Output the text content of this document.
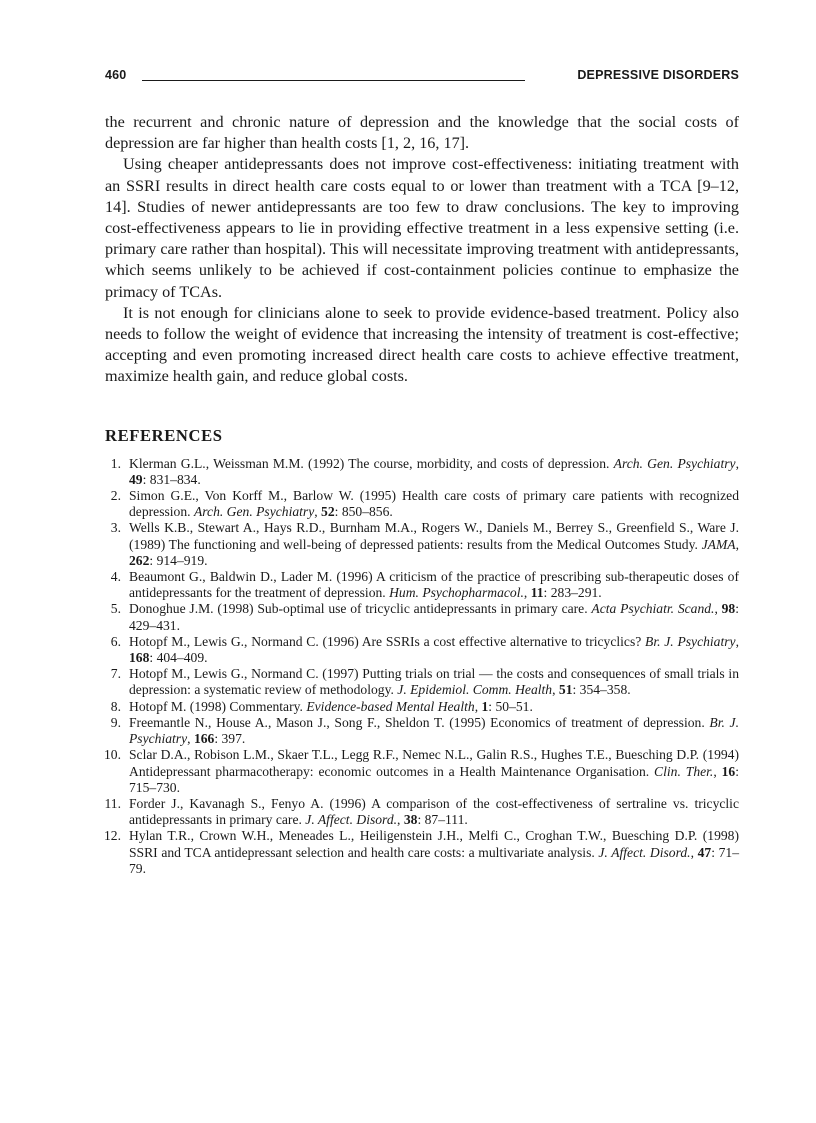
460	DEPRESSIVE DISORDERS

the recurrent and chronic nature of depression and the knowledge that the social costs of depression are far higher than health costs [1, 2, 16, 17].

Using cheaper antidepressants does not improve cost-effectiveness: initiating treatment with an SSRI results in direct health care costs equal to or lower than treatment with a TCA [9–12, 14]. Studies of newer antidepressants are too few to draw conclusions. The key to improving cost-effectiveness appears to lie in providing effective treatment in a less expensive setting (i.e. primary care rather than hospital). This will necessitate improving treatment with antidepressants, which seems unlikely to be achieved if cost-containment policies continue to emphasize the primacy of TCAs.

It is not enough for clinicians alone to seek to provide evidence-based treatment. Policy also needs to follow the weight of evidence that increasing the intensity of treatment is cost-effective; accepting and even promoting increased direct health care costs to achieve effective treatment, maximize health gain, and reduce global costs.

REFERENCES
1. Klerman G.L., Weissman M.M. (1992) The course, morbidity, and costs of depression. Arch. Gen. Psychiatry, 49: 831–834.
2. Simon G.E., Von Korff M., Barlow W. (1995) Health care costs of primary care patients with recognized depression. Arch. Gen. Psychiatry, 52: 850–856.
3. Wells K.B., Stewart A., Hays R.D., Burnham M.A., Rogers W., Daniels M., Berrey S., Greenfield S., Ware J. (1989) The functioning and well-being of depressed patients: results from the Medical Outcomes Study. JAMA, 262: 914–919.
4. Beaumont G., Baldwin D., Lader M. (1996) A criticism of the practice of prescribing sub-therapeutic doses of antidepressants for the treatment of depression. Hum. Psychopharmacol., 11: 283–291.
5. Donoghue J.M. (1998) Sub-optimal use of tricyclic antidepressants in primary care. Acta Psychiatr. Scand., 98: 429–431.
6. Hotopf M., Lewis G., Normand C. (1996) Are SSRIs a cost effective alternative to tricyclics? Br. J. Psychiatry, 168: 404–409.
7. Hotopf M., Lewis G., Normand C. (1997) Putting trials on trial — the costs and consequences of small trials in depression: a systematic review of methodology. J. Epidemiol. Comm. Health, 51: 354–358.
8. Hotopf M. (1998) Commentary. Evidence-based Mental Health, 1: 50–51.
9. Freemantle N., House A., Mason J., Song F., Sheldon T. (1995) Economics of treatment of depression. Br. J. Psychiatry, 166: 397.
10. Sclar D.A., Robison L.M., Skaer T.L., Legg R.F., Nemec N.L., Galin R.S., Hughes T.E., Buesching D.P. (1994) Antidepressant pharmacotherapy: economic outcomes in a Health Maintenance Organisation. Clin. Ther., 16: 715–730.
11. Forder J., Kavanagh S., Fenyo A. (1996) A comparison of the cost-effectiveness of sertraline vs. tricyclic antidepressants in primary care. J. Affect. Disord., 38: 87–111.
12. Hylan T.R., Crown W.H., Meneades L., Heiligenstein J.H., Melfi C., Croghan T.W., Buesching D.P. (1998) SSRI and TCA antidepressant selection and health care costs: a multivariate analysis. J. Affect. Disord., 47: 71–79.
